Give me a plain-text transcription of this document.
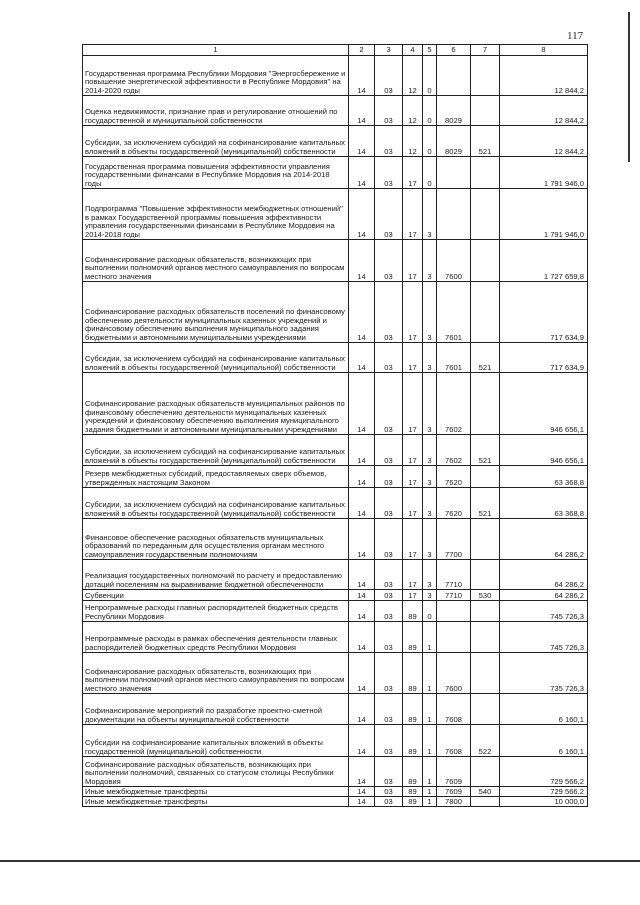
117
1	2	3	4	5	6	7	8
Государственная программа Республики Мордовия "Энергосбережение и повышение энергетической эффективности в Республике Мордовия" на 2014-2020 годы	14	03	12	0			12 844,2
Оценка недвижимости, признание прав и регулирование отношений по государственной и муниципальной собственности	14	03	12	0	8029		12 844,2
Субсидии, за исключением субсидий на софинансирование капитальных вложений в объекты государственной (муниципальной) собственности	14	03	12	0	8029	521	12 844,2
Государственная программа повышения эффективности управления государственными финансами в Республике Мордовия на 2014-2018 годы	14	03	17	0			1 791 946,0
Подпрограмма "Повышение эффективности межбюджетных отношений" в рамках Государственной программы повышения эффективности управления государственными финансами в Республике Мордовия на 2014-2018 годы	14	03	17	3			1 791 946,0
Софинансирование расходных обязательств, возникающих при выполнении полномочий органов местного самоуправления по вопросам местного значения	14	03	17	3	7600		1 727 659,8
Софинансирование расходных обязательств поселений по финансовому обеспечению деятельности муниципальных казенных учреждений и финансовому обеспечению выполнения муниципального задания бюджетными и автономными муниципальными учреждениями	14	03	17	3	7601		717 634,9
Субсидии, за исключением субсидий на софинансирование капитальных вложений в объекты государственной (муниципальной) собственности	14	03	17	3	7601	521	717 634,9
Софинансирование расходных обязательств муниципальных районов по финансовому обеспечению деятельности муниципальных казенных учреждений и финансовому обеспечению выполнения муниципального задания бюджетными и автономными муниципальными учреждениями	14	03	17	3	7602		946 656,1
Субсидии, за исключением субсидий на софинансирование капитальных вложений в объекты государственной (муниципальной) собственности	14	03	17	3	7602	521	946 656,1
Резерв межбюджетных субсидий, предоставляемых сверх объемов, утвержденных настоящим Законом	14	03	17	3	7620		63 368,8
Субсидии, за исключением субсидий на софинансирование капитальных вложений в объекты государственной (муниципальной) собственности	14	03	17	3	7620	521	63 368,8
Финансовое обеспечение расходных обязательств муниципальных образований по переданным для осуществления органам местного самоуправления государственным полномочиям	14	03	17	3	7700		64 286,2
Реализация государственных полномочий по расчету и предоставлению дотаций поселениям на выравнивание бюджетной обеспеченности	14	03	17	3	7710		64 286,2
Субвенции	14	03	17	3	7710	530	64 286,2
Непрограммные расходы главных распорядителей бюджетных средств Республики Мордовия	14	03	89	0			745 726,3
Непрограммные расходы в рамках обеспечения деятельности главных распорядителей бюджетных средств Республики Мордовия	14	03	89	1			745 726,3
Софинансирование расходных обязательств, возникающих при выполнении полномочий органов местного самоуправления по вопросам местного значения	14	03	89	1	7600		735 726,3
Софинансирование мероприятий по разработке проектно-сметной документации на объекты муниципальной собственности	14	03	89	1	7608		6 160,1
Субсидии на софинансирование капитальных вложений в объекты государственной (муниципальной) собственности	14	03	89	1	7608	522	6 160,1
Софинансирование расходных обязательств, возникающих при выполнении полномочий, связанных со статусом столицы Республики Мордовия	14	03	89	1	7609		729 566,2
Иные межбюджетные трансферты	14	03	89	1	7609	540	729 566,2
Иные межбюджетные трансферты	14	03	89	1	7800		10 000,0
